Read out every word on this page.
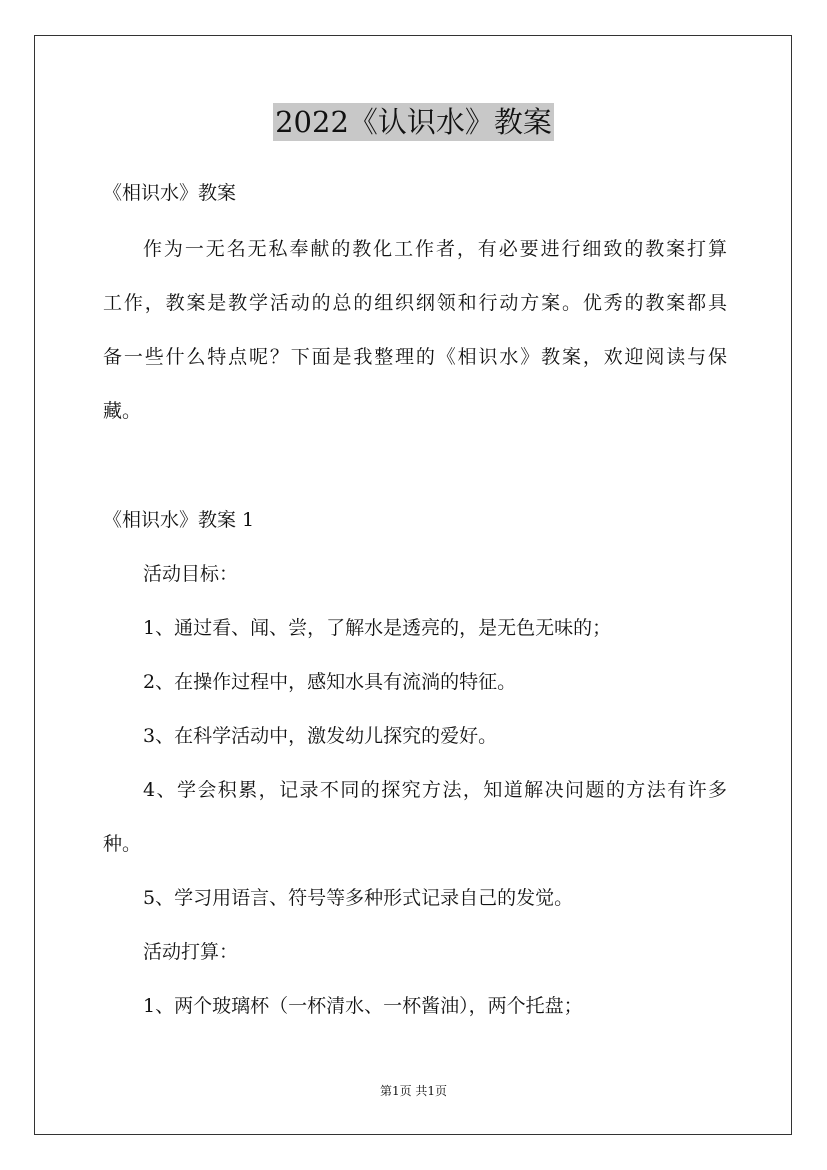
2022《认识水》教案
《相识水》教案
作为一无名无私奉献的教化工作者，有必要进行细致的教案打算
工作，教案是教学活动的总的组织纲领和行动方案。优秀的教案都具
备一些什么特点呢？下面是我整理的《相识水》教案，欢迎阅读与保
藏。
《相识水》教案 1
活动目标：
1、通过看、闻、尝，了解水是透亮的，是无色无味的；
2、在操作过程中，感知水具有流淌的特征。
3、在科学活动中，激发幼儿探究的爱好。
4、学会积累，记录不同的探究方法，知道解决问题的方法有许多
种。
5、学习用语言、符号等多种形式记录自己的发觉。
活动打算：
1、两个玻璃杯（一杯清水、一杯酱油），两个托盘；
第1页 共1页
